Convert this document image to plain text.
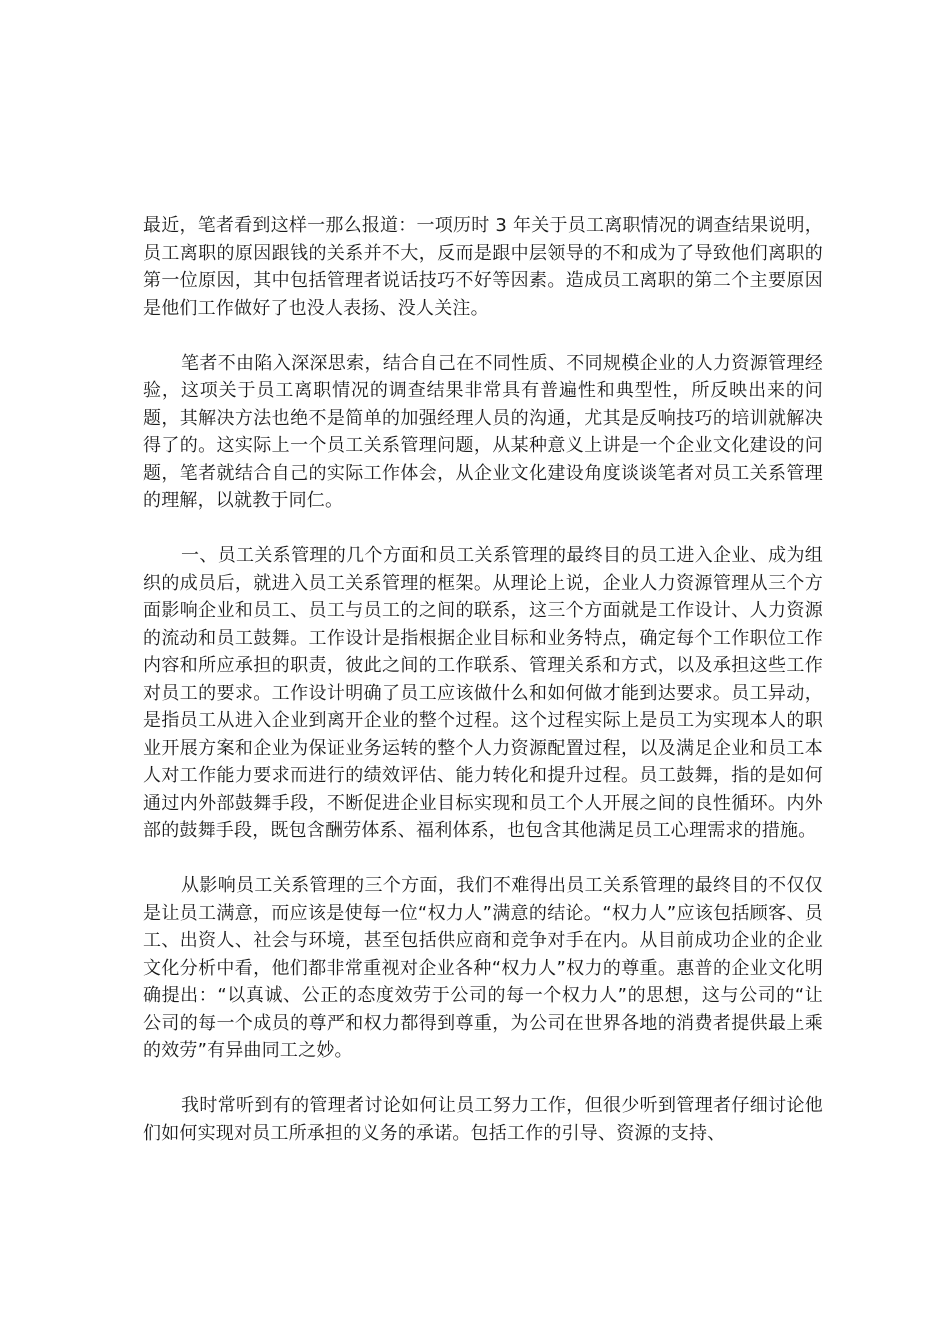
最近，笔者看到这样一那么报道：一项历时 3 年关于员工离职情况的调查结果说明，员工离职的原因跟钱的关系并不大，反而是跟中层领导的不和成为了导致他们离职的第一位原因，其中包括管理者说话技巧不好等因素。造成员工离职的第二个主要原因是他们工作做好了也没人表扬、没人关注。

笔者不由陷入深深思索，结合自己在不同性质、不同规模企业的人力资源管理经验，这项关于员工离职情况的调查结果非常具有普遍性和典型性，所反映出来的问题，其解决方法也绝不是简单的加强经理人员的沟通，尤其是反响技巧的培训就解决得了的。这实际上一个员工关系管理问题，从某种意义上讲是一个企业文化建设的问题，笔者就结合自己的实际工作体会，从企业文化建设角度谈谈笔者对员工关系管理的理解，以就教于同仁。

一、员工关系管理的几个方面和员工关系管理的最终目的员工进入企业、成为组织的成员后，就进入员工关系管理的框架。从理论上说，企业人力资源管理从三个方面影响企业和员工、员工与员工的之间的联系，这三个方面就是工作设计、人力资源的流动和员工鼓舞。工作设计是指根据企业目标和业务特点，确定每个工作职位工作内容和所应承担的职责，彼此之间的工作联系、管理关系和方式，以及承担这些工作对员工的要求。工作设计明确了员工应该做什么和如何做才能到达要求。员工异动，是指员工从进入企业到离开企业的整个过程。这个过程实际上是员工为实现本人的职业开展方案和企业为保证业务运转的整个人力资源配置过程，以及满足企业和员工本人对工作能力要求而进行的绩效评估、能力转化和提升过程。员工鼓舞，指的是如何通过内外部鼓舞手段，不断促进企业目标实现和员工个人开展之间的良性循环。内外部的鼓舞手段，既包含酬劳体系、福利体系，也包含其他满足员工心理需求的措施。

从影响员工关系管理的三个方面，我们不难得出员工关系管理的最终目的不仅仅是让员工满意，而应该是使每一位“权力人”满意的结论。“权力人”应该包括顾客、员工、出资人、社会与环境，甚至包括供应商和竞争对手在内。从目前成功企业的企业文化分析中看，他们都非常重视对企业各种“权力人”权力的尊重。惠普的企业文化明确提出：“以真诚、公正的态度效劳于公司的每一个权力人”的思想，这与公司的“让公司的每一个成员的尊严和权力都得到尊重，为公司在世界各地的消费者提供最上乘的效劳”有异曲同工之妙。

我时常听到有的管理者讨论如何让员工努力工作，但很少听到管理者仔细讨论他们如何实现对员工所承担的义务的承诺。包括工作的引导、资源的支持、
